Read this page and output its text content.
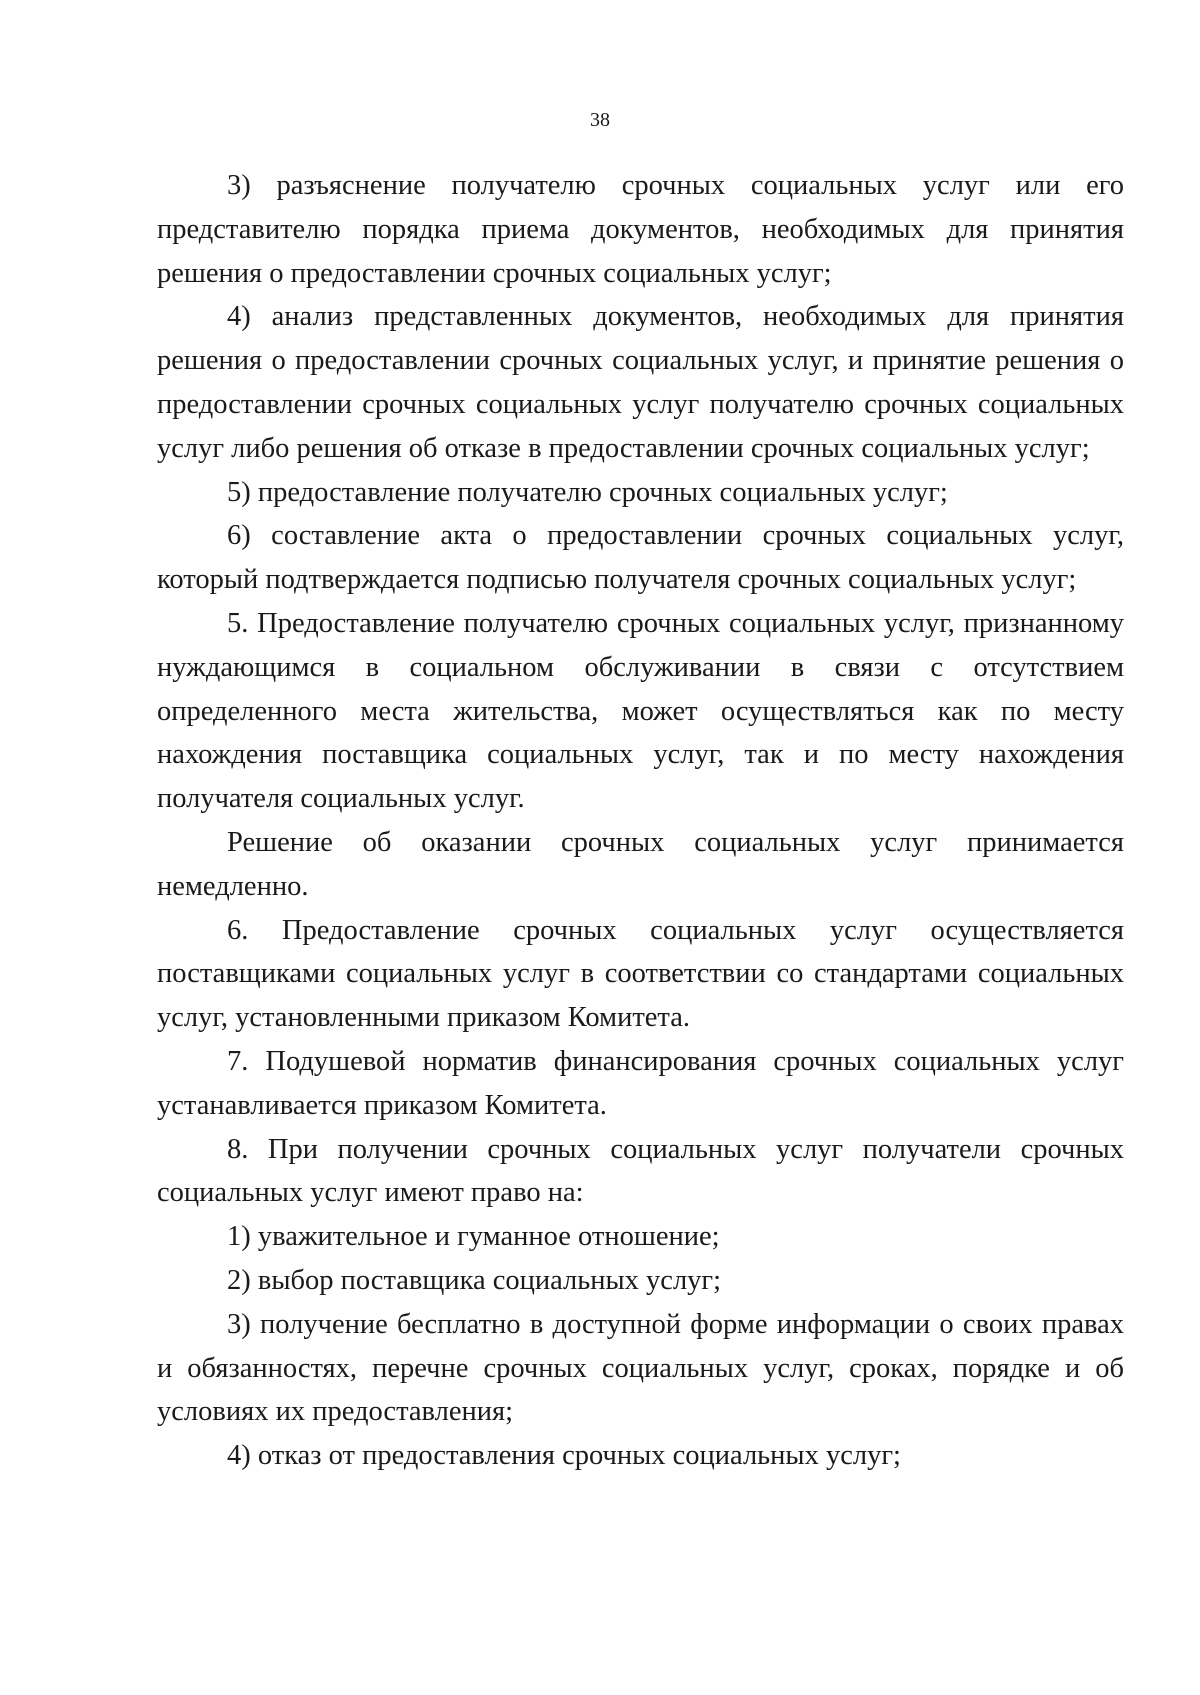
38

3) разъяснение получателю срочных социальных услуг или его представителю порядка приема документов, необходимых для принятия решения о предоставлении срочных социальных услуг;

4) анализ представленных документов, необходимых для принятия решения о предоставлении срочных социальных услуг, и принятие решения о предоставлении срочных социальных услуг получателю срочных социальных услуг либо решения об отказе в предоставлении срочных социальных услуг;

5) предоставление получателю срочных социальных услуг;

6) составление акта о предоставлении срочных социальных услуг, который подтверждается подписью получателя срочных социальных услуг;

5. Предоставление получателю срочных социальных услуг, признанному нуждающимся в социальном обслуживании в связи с отсутствием определенного места жительства, может осуществляться как по месту нахождения поставщика социальных услуг, так и по месту нахождения получателя социальных услуг.

Решение об оказании срочных социальных услуг принимается немедленно.

6. Предоставление срочных социальных услуг осуществляется поставщиками социальных услуг в соответствии со стандартами социальных услуг, установленными приказом Комитета.

7. Подушевой норматив финансирования срочных социальных услуг устанавливается приказом Комитета.

8. При получении срочных социальных услуг получатели срочных социальных услуг имеют право на:

1) уважительное и гуманное отношение;

2) выбор поставщика социальных услуг;

3) получение бесплатно в доступной форме информации о своих правах и обязанностях, перечне срочных социальных услуг, сроках, порядке и об условиях их предоставления;

4) отказ от предоставления срочных социальных услуг;
